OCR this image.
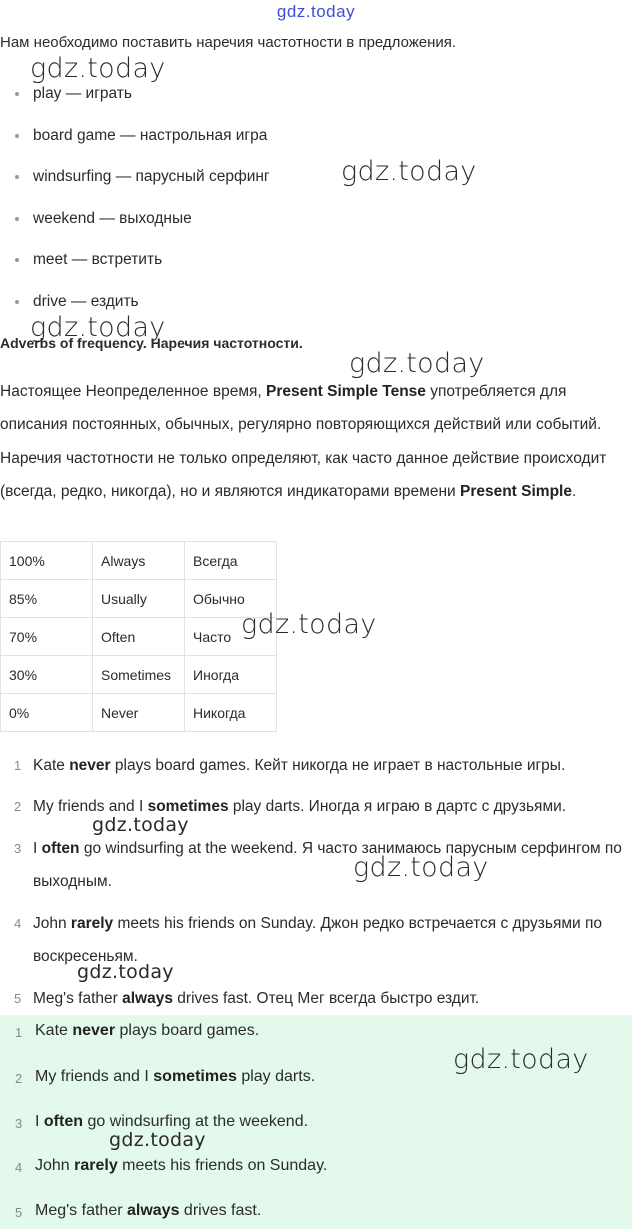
gdz.today
Нам необходимо поставить наречия частотности в предложения.
play — играть
board game — настрольная игра
windsurfing — парусный серфинг
weekend — выходные
meet — встретить
drive — ездить
Adverbs of frequency. Наречия частотности.
Настоящее Неопределенное время, Present Simple Tense употребляется для описания постоянных, обычных, регулярно повторяющихся действий или событий. Наречия частотности не только определяют, как часто данное действие происходит (всегда, редко, никогда), но и являются индикаторами времени Present Simple.
100%	Always	Всегда
85%	Usually	Обычно
70%	Often	Часто
30%	Sometimes	Иногда
0%	Never	Никогда
1 Kate never plays board games. Кейт никогда не играет в настольные игры.
2 My friends and I sometimes play darts. Иногда я играю в дартс с друзьями.
3 I often go windsurfing at the weekend. Я часто занимаюсь парусным серфингом по выходным.
4 John rarely meets his friends on Sunday. Джон редко встречается с друзьями по воскресеньям.
5 Meg's father always drives fast. Отец Мег всегда быстро ездит.
1 Kate never plays board games.
2 My friends and I sometimes play darts.
3 I often go windsurfing at the weekend.
4 John rarely meets his friends on Sunday.
5 Meg's father always drives fast.
gdz.today
gdz.today
gdz.today
gdz.today
gdz.today
gdz.today
gdz.today
gdz.today
gdz.today
gdz.today
